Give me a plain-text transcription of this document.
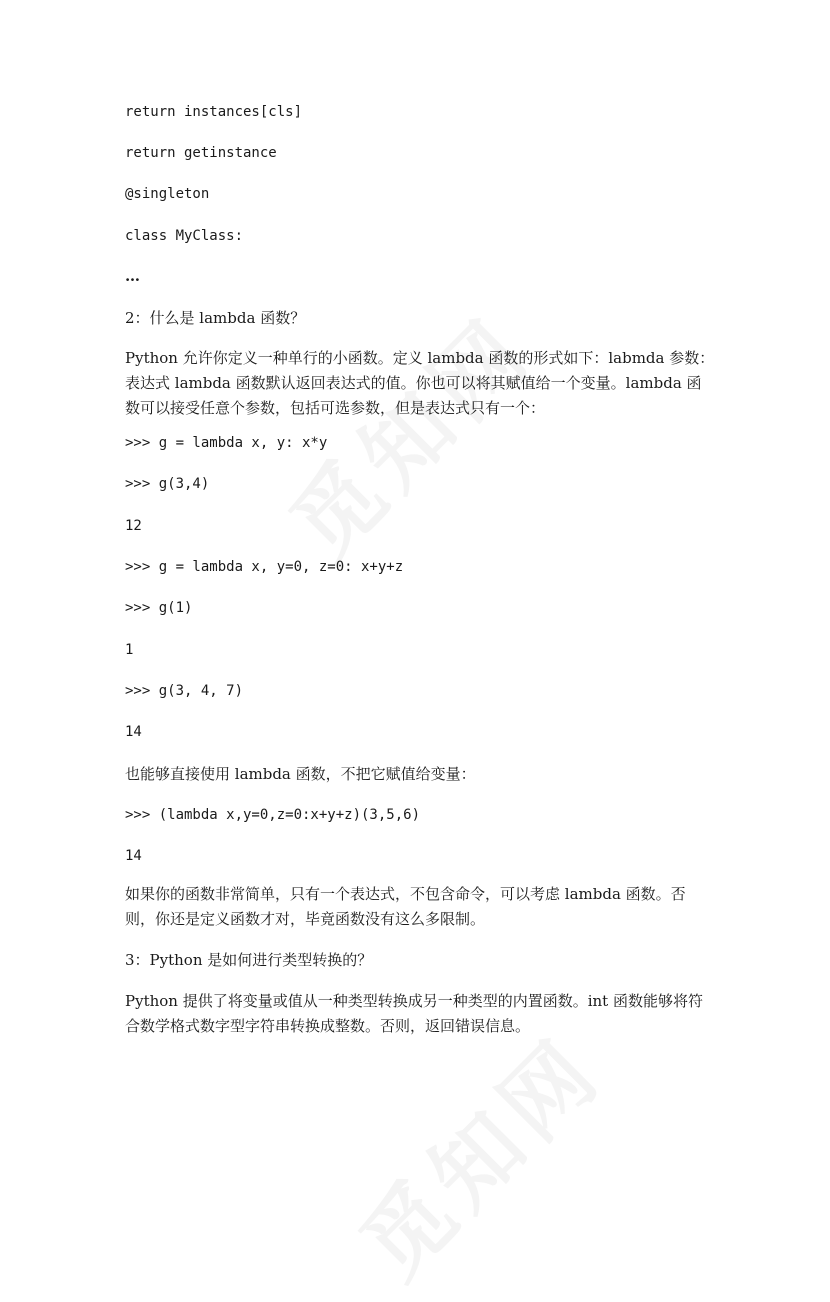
return instances[cls]
return getinstance
@singleton
class MyClass:
…
2：什么是 lambda 函数？
Python 允许你定义一种单行的小函数。定义 lambda 函数的形式如下：labmda 参数：表达式 lambda 函数默认返回表达式的值。你也可以将其赋值给一个变量。lambda 函数可以接受任意个参数，包括可选参数，但是表达式只有一个：
>>> g = lambda x, y: x*y
>>> g(3,4)
12
>>> g = lambda x, y=0, z=0: x+y+z
>>> g(1)
1
>>> g(3, 4, 7)
14
也能够直接使用 lambda 函数，不把它赋值给变量：
>>> (lambda x,y=0,z=0:x+y+z)(3,5,6)
14
如果你的函数非常简单，只有一个表达式，不包含命令，可以考虑 lambda 函数。否则，你还是定义函数才对，毕竟函数没有这么多限制。
3：Python 是如何进行类型转换的？
Python 提供了将变量或值从一种类型转换成另一种类型的内置函数。int 函数能够将符合数学格式数字型字符串转换成整数。否则，返回错误信息。
